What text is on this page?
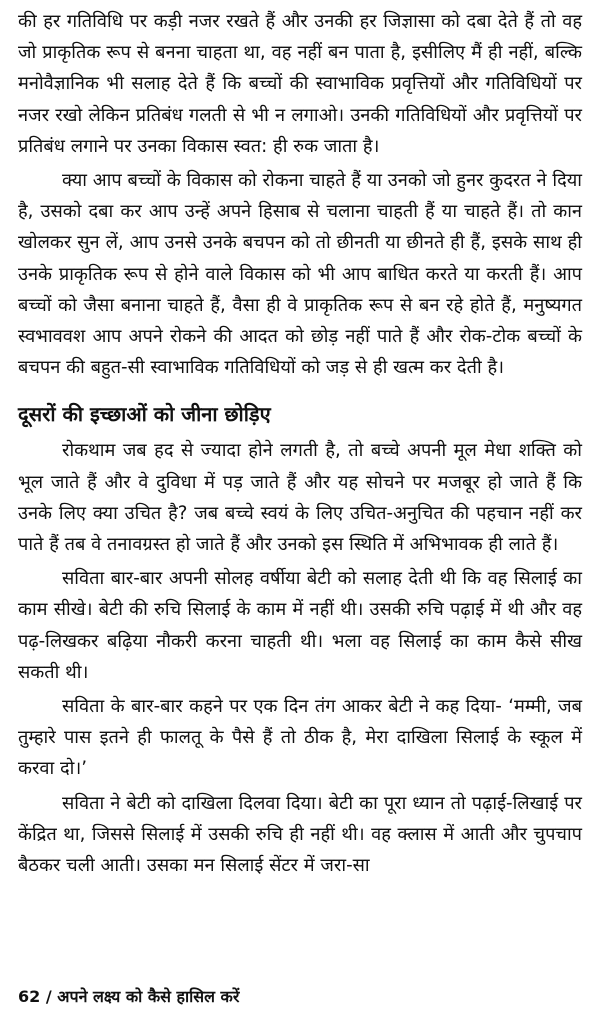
की हर गतिविधि पर कड़ी नजर रखते हैं और उनकी हर जिज्ञासा को दबा देते हैं तो वह जो प्राकृतिक रूप से बनना चाहता था, वह नहीं बन पाता है, इसीलिए मैं ही नहीं, बल्कि मनोवैज्ञानिक भी सलाह देते हैं कि बच्चों की स्वाभाविक प्रवृत्तियों और गतिविधियों पर नजर रखो लेकिन प्रतिबंध गलती से भी न लगाओ। उनकी गतिविधियों और प्रवृत्तियों पर प्रतिबंध लगाने पर उनका विकास स्वत: ही रुक जाता है।

क्या आप बच्चों के विकास को रोकना चाहते हैं या उनको जो हुनर कुदरत ने दिया है, उसको दबा कर आप उन्हें अपने हिसाब से चलाना चाहती हैं या चाहते हैं। तो कान खोलकर सुन लें, आप उनसे उनके बचपन को तो छीनती या छीनते ही हैं, इसके साथ ही उनके प्राकृतिक रूप से होने वाले विकास को भी आप बाधित करते या करती हैं। आप बच्चों को जैसा बनाना चाहते हैं, वैसा ही वे प्राकृतिक रूप से बन रहे होते हैं, मनुष्यगत स्वभाववश आप अपने रोकने की आदत को छोड़ नहीं पाते हैं और रोक-टोक बच्चों के बचपन की बहुत-सी स्वाभाविक गतिविधियों को जड़ से ही खत्म कर देती है।

दूसरों की इच्छाओं को जीना छोड़िए

रोकथाम जब हद से ज्यादा होने लगती है, तो बच्चे अपनी मूल मेधा शक्ति को भूल जाते हैं और वे दुविधा में पड़ जाते हैं और यह सोचने पर मजबूर हो जाते हैं कि उनके लिए क्या उचित है? जब बच्चे स्वयं के लिए उचित-अनुचित की पहचान नहीं कर पाते हैं तब वे तनावग्रस्त हो जाते हैं और उनको इस स्थिति में अभिभावक ही लाते हैं।

सविता बार-बार अपनी सोलह वर्षीया बेटी को सलाह देती थी कि वह सिलाई का काम सीखे। बेटी की रुचि सिलाई के काम में नहीं थी। उसकी रुचि पढ़ाई में थी और वह पढ़-लिखकर बढ़िया नौकरी करना चाहती थी। भला वह सिलाई का काम कैसे सीख सकती थी।

सविता के बार-बार कहने पर एक दिन तंग आकर बेटी ने कह दिया- ‘मम्मी, जब तुम्हारे पास इतने ही फालतू के पैसे हैं तो ठीक है, मेरा दाखिला सिलाई के स्कूल में करवा दो।’

सविता ने बेटी को दाखिला दिलवा दिया। बेटी का पूरा ध्यान तो पढ़ाई-लिखाई पर केंद्रित था, जिससे सिलाई में उसकी रुचि ही नहीं थी। वह क्लास में आती और चुपचाप बैठकर चली आती। उसका मन सिलाई सेंटर में जरा-सा

62 / अपने लक्ष्य को कैसे हासिल करें
